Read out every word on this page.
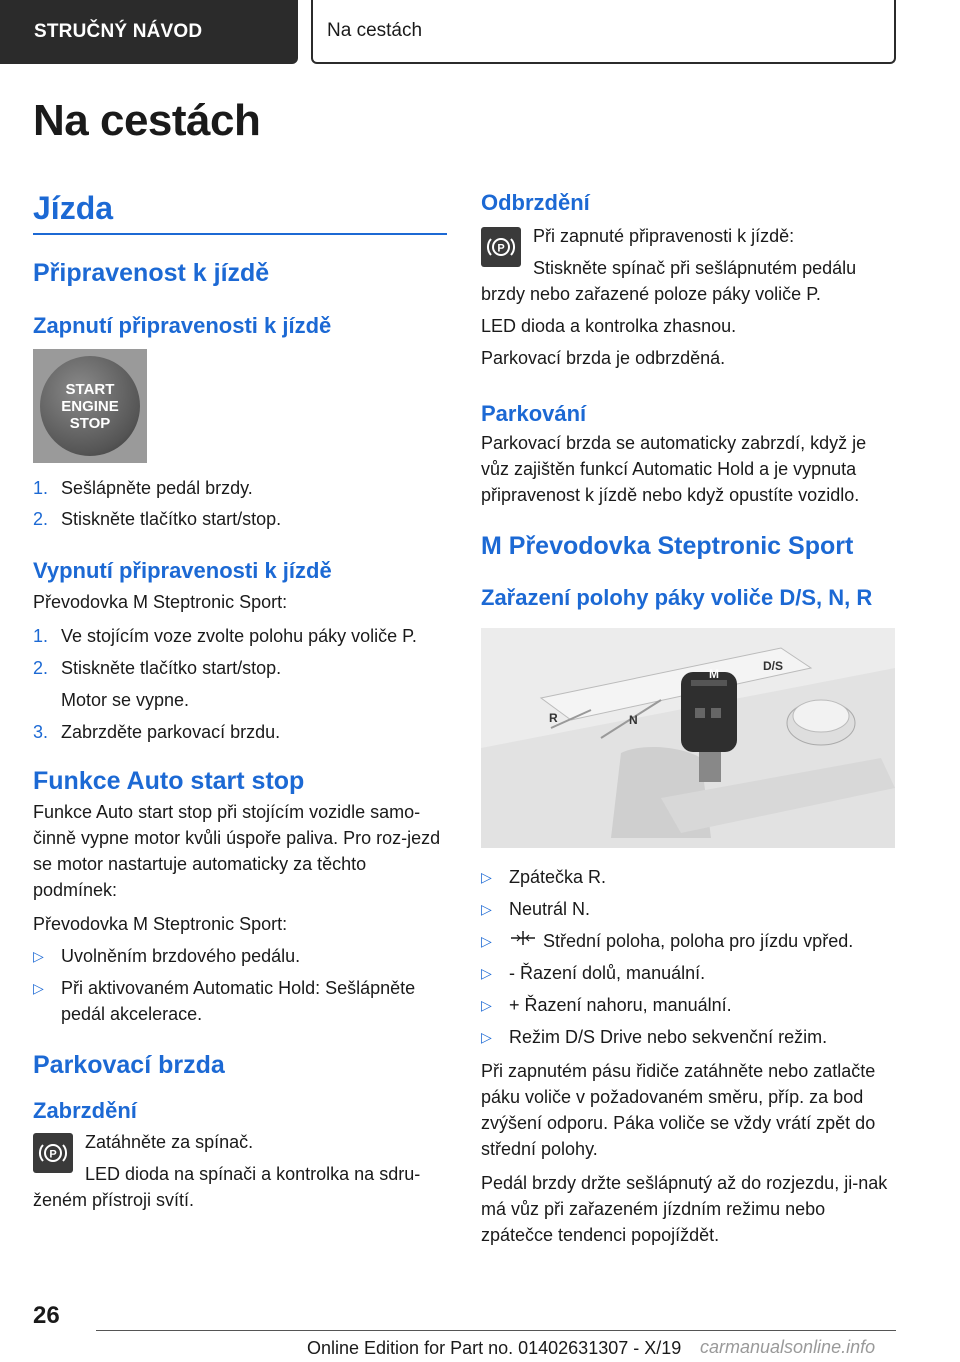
STRUČNÝ NÁVOD	Na cestách
Na cestách
Jízda
Připravenost k jízdě
Zapnutí připravenosti k jízdě
START
ENGINE
STOP
1. Sešlápněte pedál brzdy.
2. Stiskněte tlačítko start/stop.
Vypnutí připravenosti k jízdě

Převodovka M Steptronic Sport:

1. Ve stojícím voze zvolte polohu páky voliče P.
2. Stiskněte tlačítko start/stop.
Motor se vypne.
3. Zabrzděte parkovací brzdu.
Funkce Auto start stop

Funkce Auto start stop při stojícím vozidle samo-činně vypne motor kvůli úspoře paliva. Pro roz-jezd se motor nastartuje automaticky za těchto podmínek:

Převodovka M Steptronic Sport:

▷ Uvolněním brzdového pedálu.
▷ Při aktivovaném Automatic Hold: Sešlápněte pedál akcelerace.
Parkovací brzda
Zabrzdění
P

Zatáhněte za spínač.

LED dioda na spínači a kontrolka na sdru-ženém přístroji svítí.

Odbrzdění
P

Při zapnuté připravenosti k jízdě:

Stiskněte spínač při sešlápnutém pedálu brzdy nebo zařazené poloze páky voliče P.

LED dioda a kontrolka zhasnou.

Parkovací brzda je odbrzděná.

Parkování

Parkovací brzda se automaticky zabrzdí, když je vůz zajištěn funkcí Automatic Hold a je vypnuta připravenost k jízdě nebo když opustíte vozidlo.

M Převodovka Steptronic Sport
Zařazení polohy páky voliče D/S, N, R
M
R	N
D/S
▷ Zpátečka R.
▷ Neutrál N.
▷	Střední poloha, poloha pro jízdu vpřed.
▷ - Řazení dolů, manuální.
▷ + Řazení nahoru, manuální.
▷ Režim D/S Drive nebo sekvenční režim.

Při zapnutém pásu řidiče zatáhněte nebo zatlačte páku voliče v požadovaném směru, příp. za bod zvýšení odporu. Páka voliče se vždy vrátí zpět do střední polohy.

Pedál brzdy držte sešlápnutý až do rozjezdu, ji-nak má vůz při zařazeném jízdním režimu nebo zpátečce tendenci popojíždět.

26
Online Edition for Part no. 01402631307 - X/19 carmanualsonline.info
